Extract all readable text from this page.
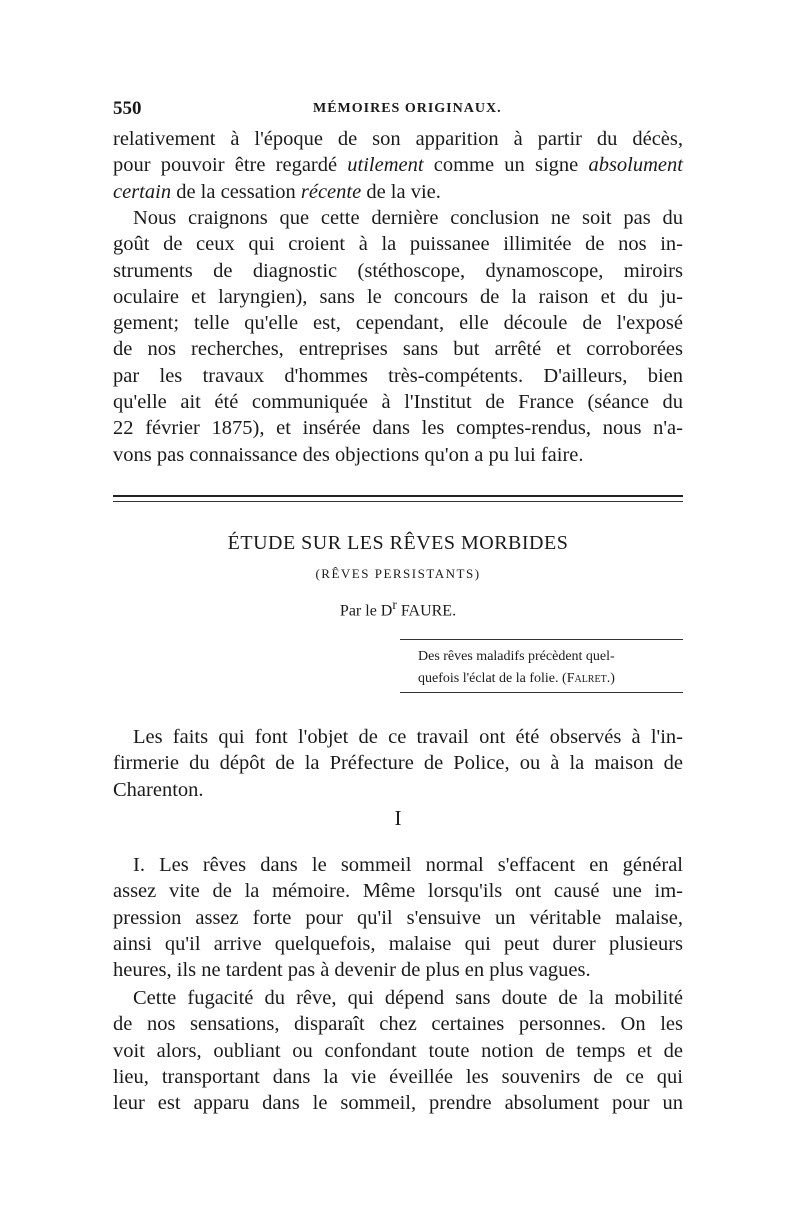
550	MÉMOIRES ORIGINAUX.
relativement à l'époque de son apparition à partir du décès,
pour pouvoir être regardé utilement comme un signe absolument
certain de la cessation récente de la vie.
Nous craignons que cette dernière conclusion ne soit pas du
goût de ceux qui croient à la puissanee illimitée de nos in-
struments de diagnostic (stéthoscope, dynamoscope, miroirs
oculaire et laryngien), sans le concours de la raison et du ju-
gement; telle qu'elle est, cependant, elle découle de l'exposé
de nos recherches, entreprises sans but arrêté et corroborées
par les travaux d'hommes très-compétents. D'ailleurs, bien
qu'elle ait été communiquée à l'Institut de France (séance du
22 février 1875), et insérée dans les comptes-rendus, nous n'a-
vons pas connaissance des objections qu'on a pu lui faire.
ÉTUDE SUR LES RÊVES MORBIDES
(RÊVES PERSISTANTS)
Par le $D^r$ FAURE.
Des rêves maladifs précèdent quel-
quefois l'éclat de la folie. (Falret.)
Les faits qui font l'objet de ce travail ont été observés à l'in-
firmerie du dépôt de la Préfecture de Police, ou à la maison de
Charenton.
I
I. Les rêves dans le sommeil normal s'effacent en général
assez vite de la mémoire. Même lorsqu'ils ont causé une im-
pression assez forte pour qu'il s'ensuive un véritable malaise,
ainsi qu'il arrive quelquefois, malaise qui peut durer plusieurs
heures, ils ne tardent pas à devenir de plus en plus vagues.
Cette fugacité du rêve, qui dépend sans doute de la mobilité
de nos sensations, disparaît chez certaines personnes. On les
voit alors, oubliant ou confondant toute notion de temps et de
lieu, transportant dans la vie éveillée les souvenirs de ce qui
leur est apparu dans le sommeil, prendre absolument pour un
